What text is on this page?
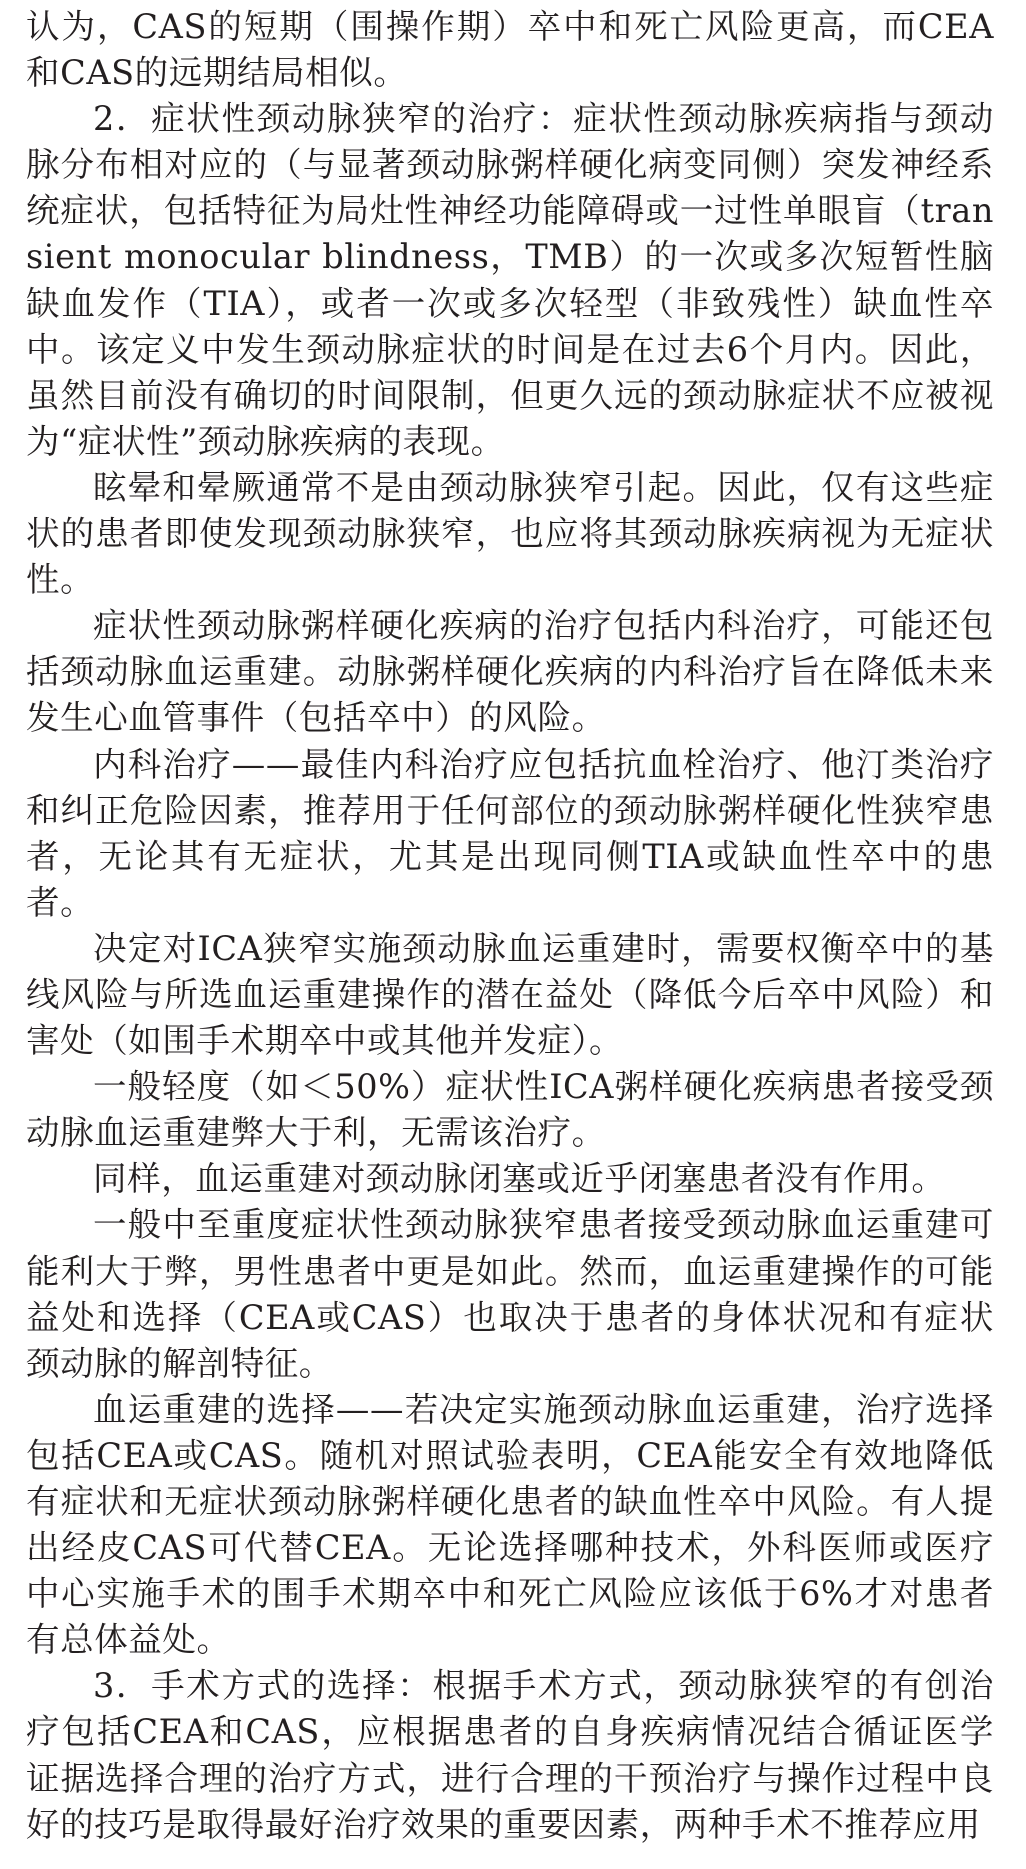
认为，CAS的短期（围操作期）卒中和死亡风险更高，而CEA和CAS的远期结局相似。

2．症状性颈动脉狭窄的治疗：症状性颈动脉疾病指与颈动脉分布相对应的（与显著颈动脉粥样硬化病变同侧）突发神经系统症状，包括特征为局灶性神经功能障碍或一过性单眼盲（transient monocular blindness，TMB）的一次或多次短暂性脑缺血发作（TIA），或者一次或多次轻型（非致残性）缺血性卒中。该定义中发生颈动脉症状的时间是在过去6个月内。因此，虽然目前没有确切的时间限制，但更久远的颈动脉症状不应被视为“症状性”颈动脉疾病的表现。

眩晕和晕厥通常不是由颈动脉狭窄引起。因此，仅有这些症状的患者即使发现颈动脉狭窄，也应将其颈动脉疾病视为无症状性。

症状性颈动脉粥样硬化疾病的治疗包括内科治疗，可能还包括颈动脉血运重建。动脉粥样硬化疾病的内科治疗旨在降低未来发生心血管事件（包括卒中）的风险。

内科治疗——最佳内科治疗应包括抗血栓治疗、他汀类治疗和纠正危险因素，推荐用于任何部位的颈动脉粥样硬化性狭窄患者，无论其有无症状，尤其是出现同侧TIA或缺血性卒中的患者。

决定对ICA狭窄实施颈动脉血运重建时，需要权衡卒中的基线风险与所选血运重建操作的潜在益处（降低今后卒中风险）和害处（如围手术期卒中或其他并发症）。

一般轻度（如＜50%）症状性ICA粥样硬化疾病患者接受颈动脉血运重建弊大于利，无需该治疗。

同样，血运重建对颈动脉闭塞或近乎闭塞患者没有作用。

一般中至重度症状性颈动脉狭窄患者接受颈动脉血运重建可能利大于弊，男性患者中更是如此。然而，血运重建操作的可能益处和选择（CEA或CAS）也取决于患者的身体状况和有症状颈动脉的解剖特征。

血运重建的选择——若决定实施颈动脉血运重建，治疗选择包括CEA或CAS。随机对照试验表明，CEA能安全有效地降低有症状和无症状颈动脉粥样硬化患者的缺血性卒中风险。有人提出经皮CAS可代替CEA。无论选择哪种技术，外科医师或医疗中心实施手术的围手术期卒中和死亡风险应该低于6%才对患者有总体益处。

3．手术方式的选择：根据手术方式，颈动脉狭窄的有创治疗包括CEA和CAS，应根据患者的自身疾病情况结合循证医学证据选择合理的治疗方式，进行合理的干预治疗与操作过程中良好的技巧是取得最好治疗效果的重要因素，两种手术不推荐应用
